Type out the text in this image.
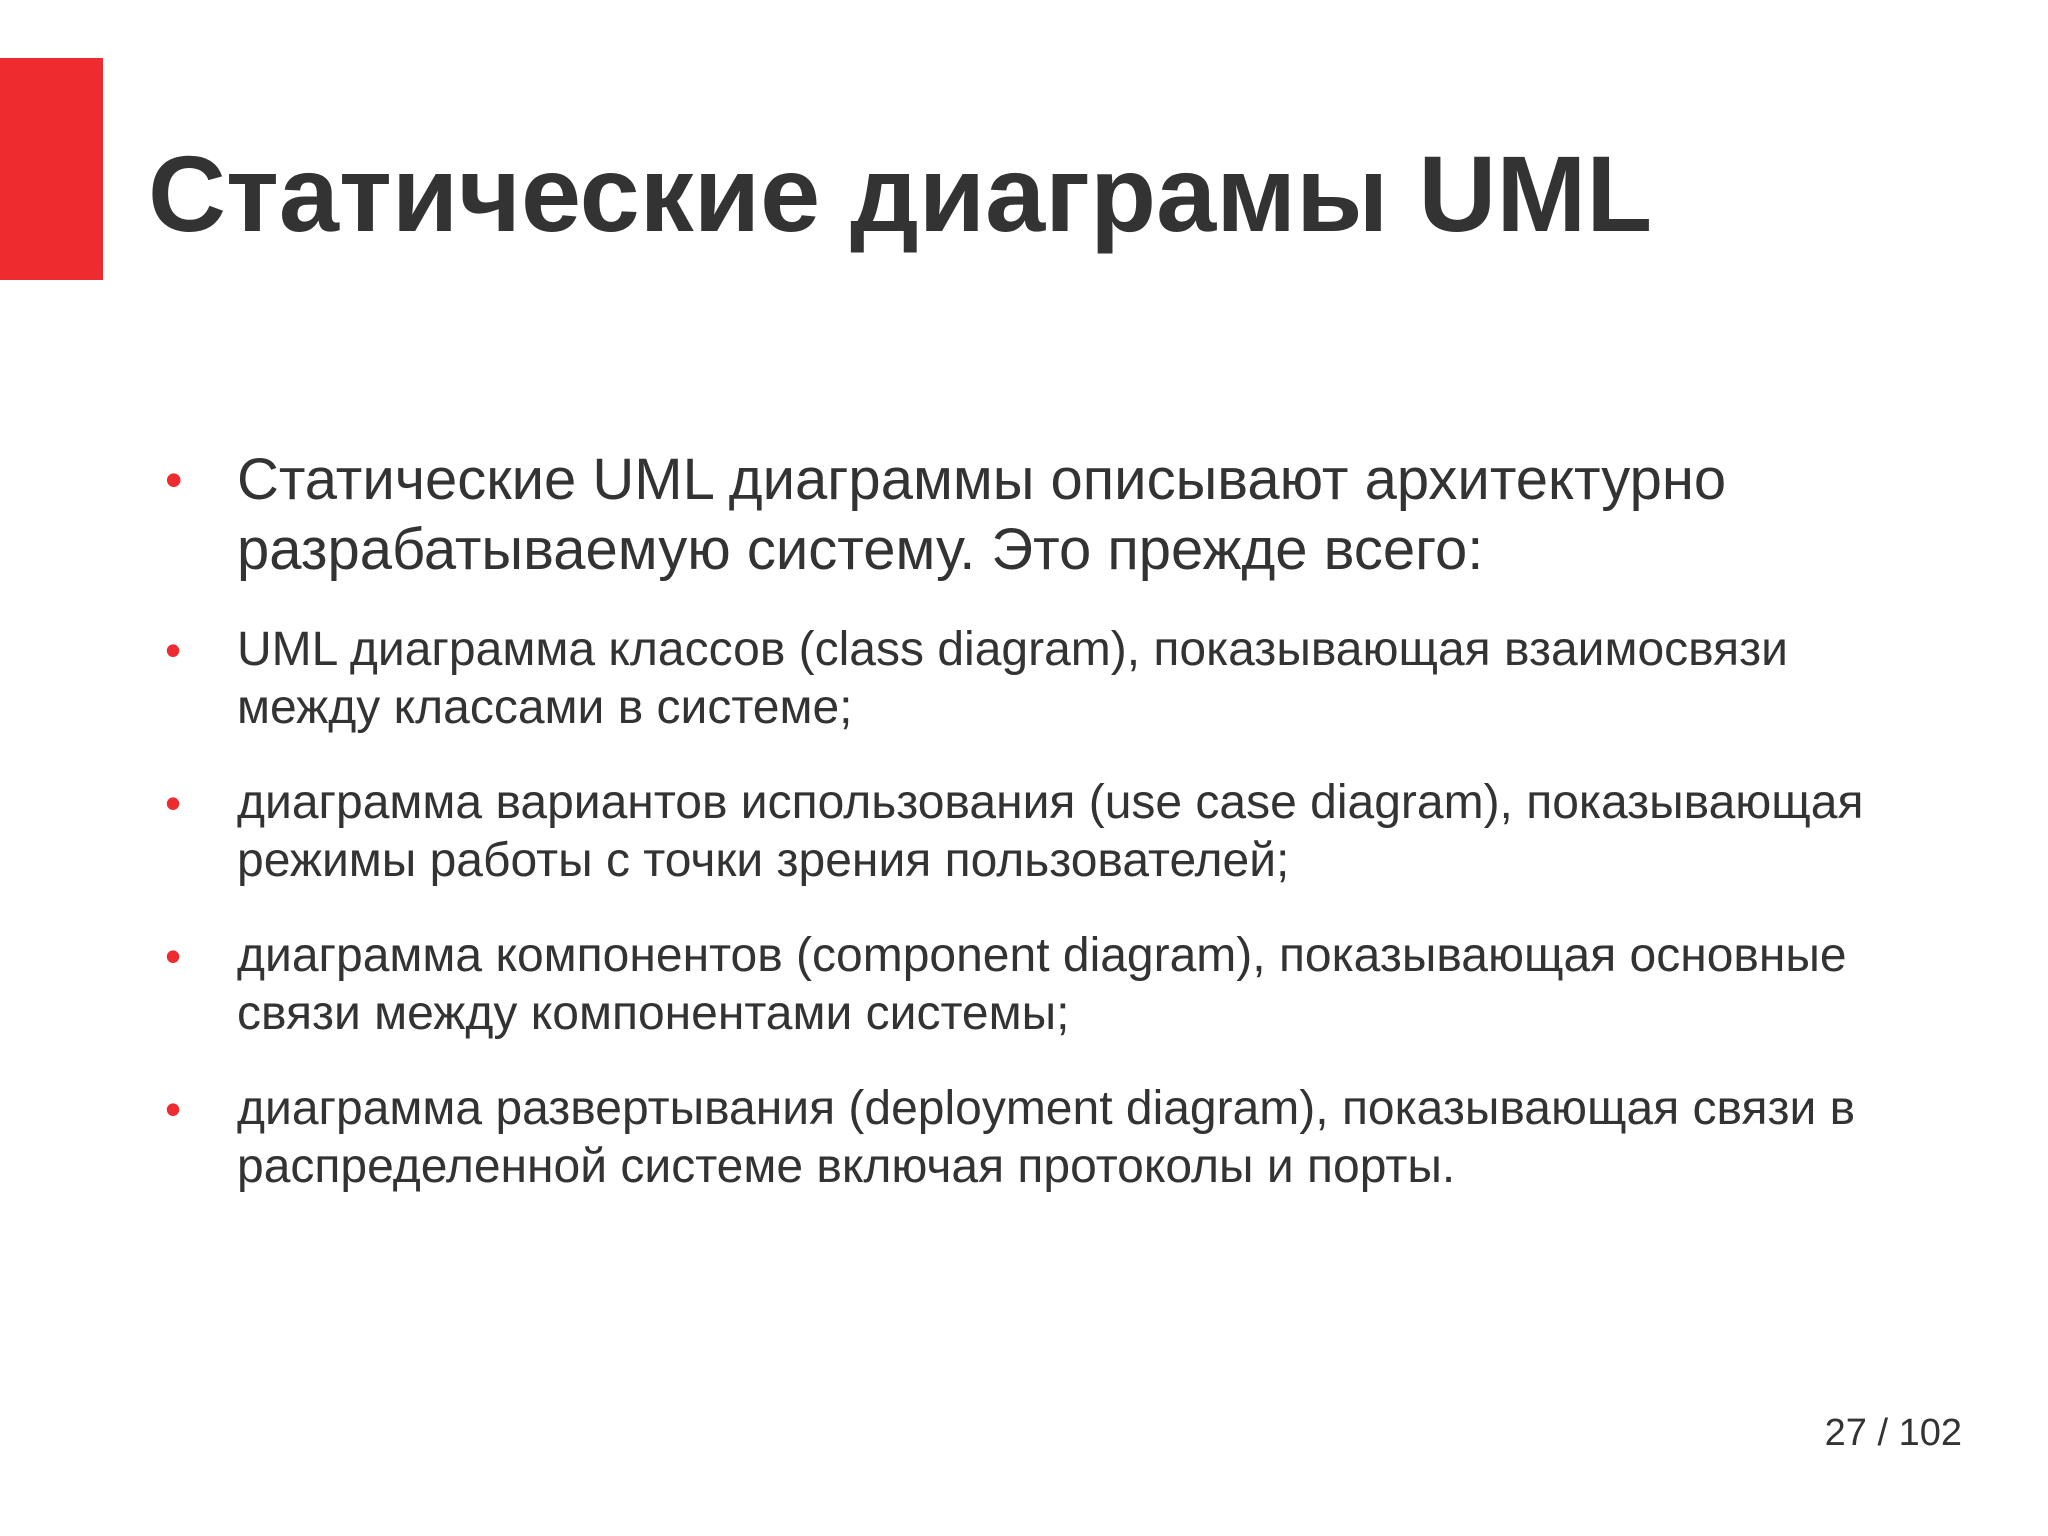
Статические диаграмы UML
• Статические UML диаграммы описывают архитектурно разрабатываемую систему. Это прежде всего:
• UML диаграмма классов (class diagram), показывающая взаимосвязи между классами в системе;
• диаграмма вариантов использования (use case diagram), показывающая режимы работы с точки зрения пользователей;
• диаграмма компонентов (component diagram), показывающая основные связи между компонентами системы;
• диаграмма развертывания (deployment diagram), показывающая связи в распределенной системе включая протоколы и порты.
27 / 102
